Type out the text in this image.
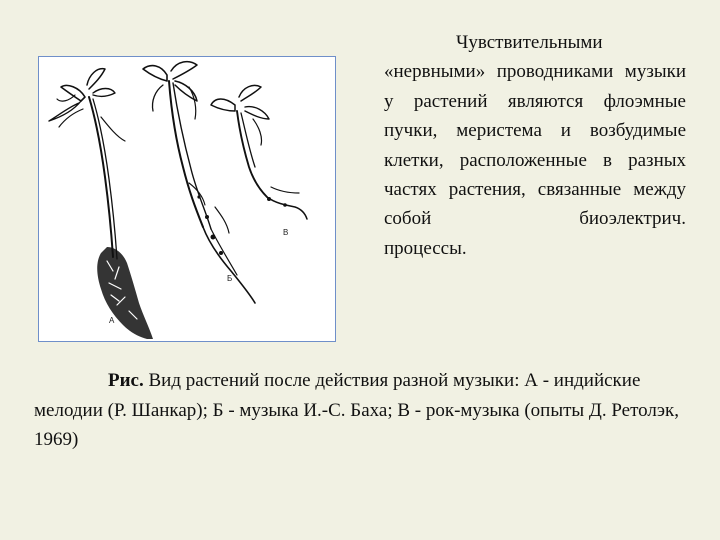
А
Б
В

Чувствительными «нервными» проводниками музыки у растений являются флоэмные пучки, меристема и возбудимые клетки, расположенные в разных частях растения, связанные между собой биоэлектрич.
процессы.

Рис. Вид растений после действия разной музыки: А - индийские мелодии (Р. Шанкар); Б - музыка И.-С. Баха; В - рок-музыка (опыты Д. Ретолэк, 1969)
